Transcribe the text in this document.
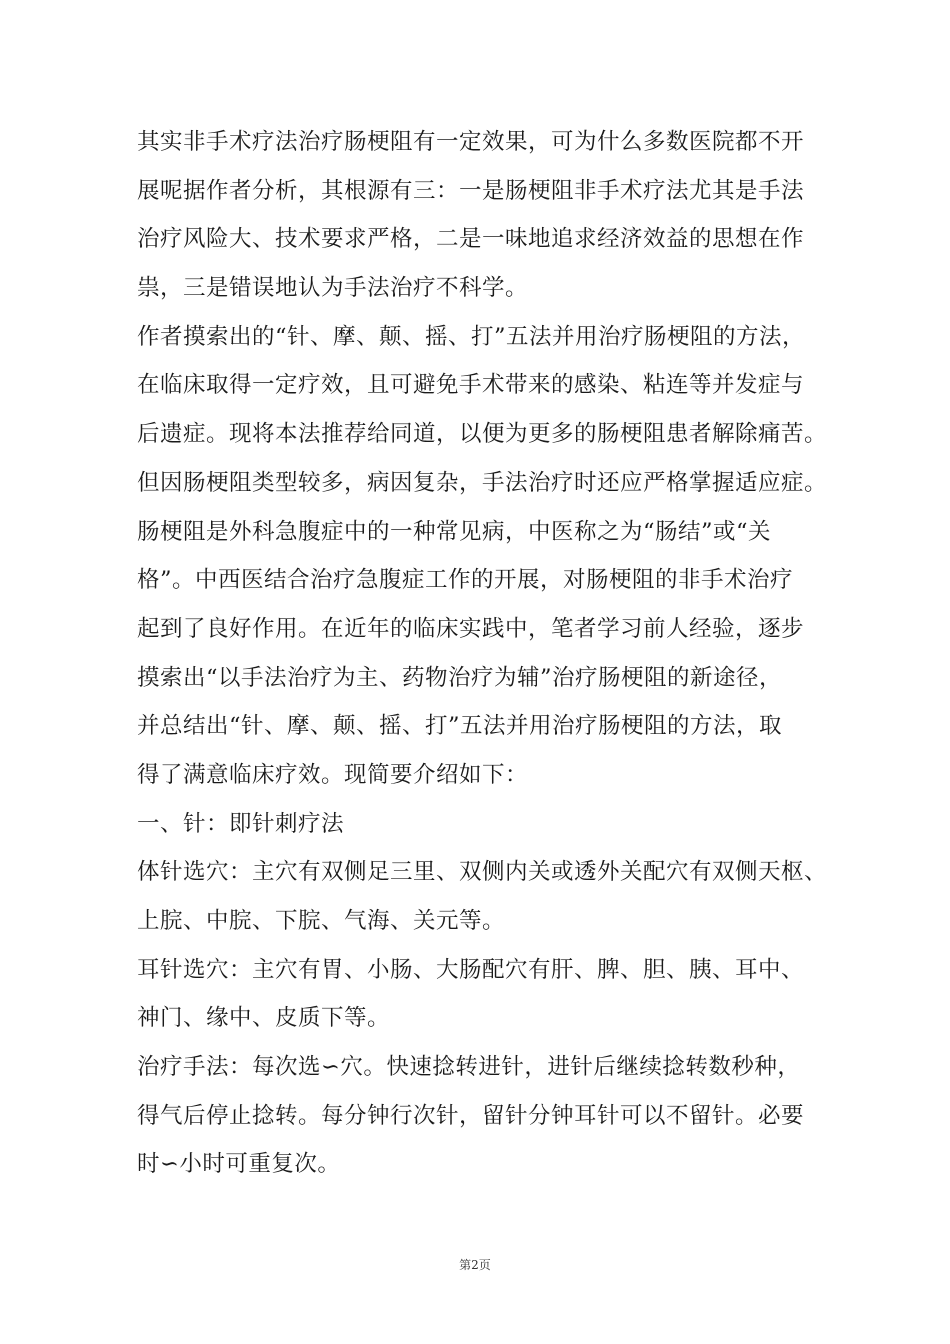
其实非手术疗法治疗肠梗阻有一定效果，可为什么多数医院都不开
展呢据作者分析，其根源有三：一是肠梗阻非手术疗法尤其是手法
治疗风险大、技术要求严格，二是一味地追求经济效益的思想在作
祟，三是错误地认为手法治疗不科学。
作者摸索出的“针、摩、颠、摇、打”五法并用治疗肠梗阻的方法，
在临床取得一定疗效，且可避免手术带来的感染、粘连等并发症与
后遗症。现将本法推荐给同道，以便为更多的肠梗阻患者解除痛苦。
但因肠梗阻类型较多，病因复杂，手法治疗时还应严格掌握适应症。
肠梗阻是外科急腹症中的一种常见病，中医称之为“肠结”或“关
格”。中西医结合治疗急腹症工作的开展，对肠梗阻的非手术治疗
起到了良好作用。在近年的临床实践中，笔者学习前人经验，逐步
摸索出“以手法治疗为主、药物治疗为辅”治疗肠梗阻的新途径，
并总结出“针、摩、颠、摇、打”五法并用治疗肠梗阻的方法，取
得了满意临床疗效。现简要介绍如下：
一、针：即针刺疗法
体针选穴：主穴有双侧足三里、双侧内关或透外关配穴有双侧天枢、
上脘、中脘、下脘、气海、关元等。
耳针选穴：主穴有胃、小肠、大肠配穴有肝、脾、胆、胰、耳中、
神门、缘中、皮质下等。
治疗手法：每次选∽穴。快速捻转进针，进针后继续捻转数秒种，
得气后停止捻转。每分钟行次针，留针分钟耳针可以不留针。必要
时∽小时可重复次。
第2页
